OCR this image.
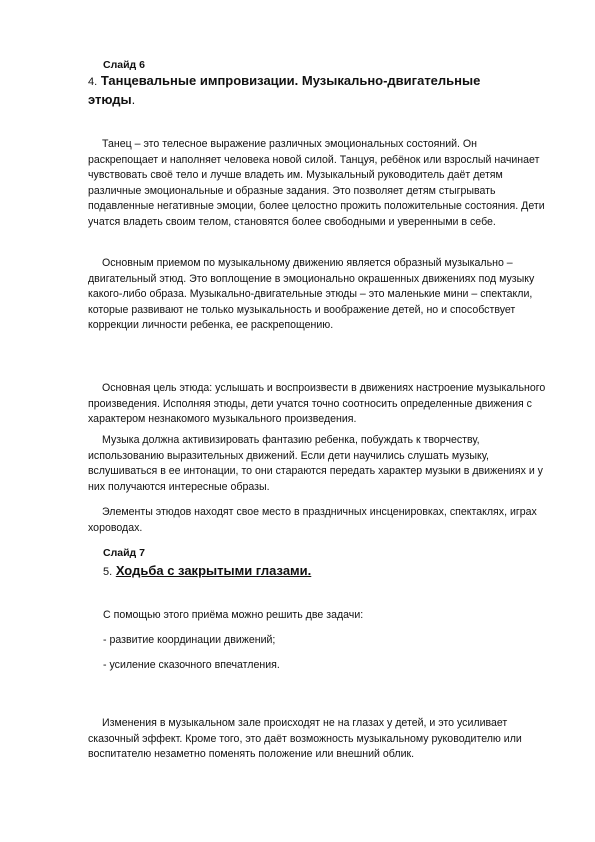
Слайд 6
4. Танцевальные импровизации. Музыкально-двигательные
этюды.
Танец – это телесное выражение различных эмоциональных состояний. Он раскрепощает и наполняет человека новой силой. Танцуя, ребёнок или взрослый начинает чувствовать своё тело и лучше владеть им. Музыкальный руководитель даёт детям различные эмоциональные и образные задания. Это позволяет детям стыгрывать подавленные негативные эмоции, более целостно прожить положительные состояния. Дети учатся владеть своим телом, становятся более свободными и уверенными в себе.
Основным приемом по музыкальному движению является образный музыкально – двигательный этюд. Это воплощение в эмоционально окрашенных движениях под музыку какого-либо образа. Музыкально-двигательные этюды – это маленькие мини – спектакли, которые развивают не только музыкальность и воображение детей, но и способствует коррекции личности ребенка, ее раскрепощению.
Основная цель этюда: услышать и воспроизвести в движениях настроение музыкального произведения. Исполняя этюды, дети учатся точно соотносить определенные движения с характером незнакомого музыкального произведения.
Музыка должна активизировать фантазию ребенка, побуждать к творчеству, использованию выразительных движений. Если дети научились слушать музыку, вслушиваться в ее интонации, то они стараются передать характер музыки в движениях и у них получаются интересные образы.
Элементы этюдов находят свое место в праздничных инсценировках, спектаклях, играх хороводах.
Слайд 7
5. Ходьба с закрытыми глазами.
С помощью этого приёма можно решить две задачи:
- развитие координации движений;
- усиление сказочного впечатления.
Изменения в музыкальном зале происходят не на глазах у детей, и это усиливает сказочный эффект. Кроме того, это даёт возможность музыкальному руководителю или воспитателю незаметно поменять положение или внешний облик.
